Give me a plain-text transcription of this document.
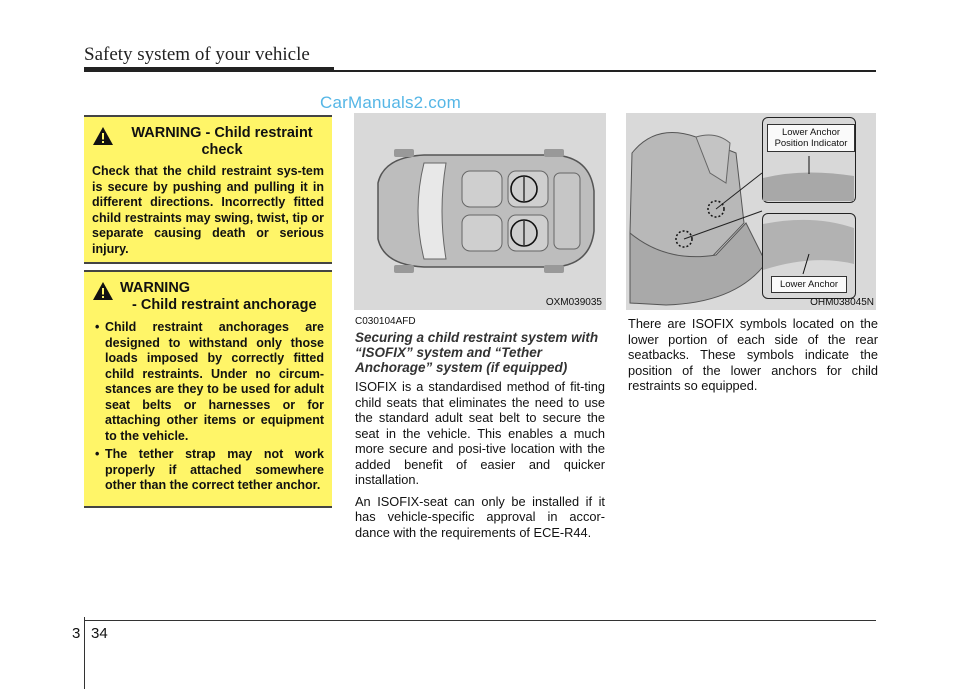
Safety system of your vehicle
CarManuals2.com
WARNING - Child restraint check
Check that the child restraint sys-tem is secure by pushing and pulling it in different directions. Incorrectly fitted child restraints may swing, twist, tip or separate causing death or serious injury.
WARNING
- Child restraint anchorage
• Child restraint anchorages are designed to withstand only those loads imposed by correctly fitted child restraints. Under no circum-stances are they to be used for adult seat belts or harnesses or for attaching other items or equipment to the vehicle.
• The tether strap may not work properly if attached somewhere other than the correct tether anchor.
OXM039035
Lower Anchor Position Indicator
Lower Anchor
OHM038045N
C030104AFD
Securing a child restraint system with “ISOFIX” system and “Tether Anchorage” system (if equipped)

ISOFIX is a standardised method of fit-ting child seats that eliminates the need to use the standard adult seat belt to secure the seat in the vehicle. This enables a much more secure and posi-tive location with the added benefit of easier and quicker installation.

An ISOFIX-seat can only be installed if it has vehicle-specific approval in accor-dance with the requirements of ECE-R44.

There are ISOFIX symbols located on the lower portion of each side of the rear seatbacks. These symbols indicate the position of the lower anchors for child restraints so equipped.

3 34
